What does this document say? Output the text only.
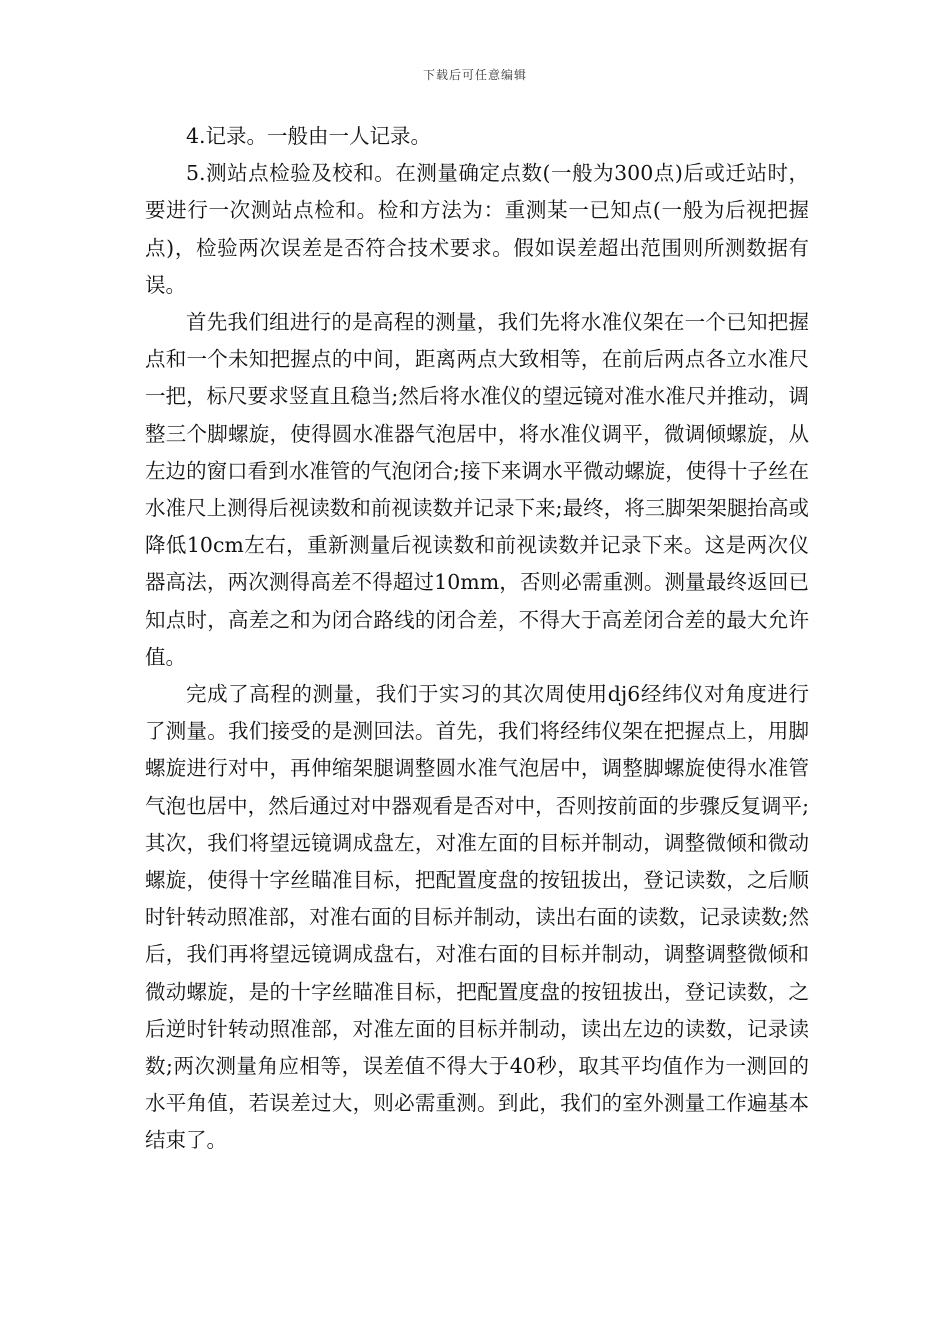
下载后可任意编辑

4.记录。一般由一人记录。

5.测站点检验及校和。在测量确定点数(一般为300点)后或迁站时，要进行一次测站点检和。检和方法为：重测某一已知点(一般为后视把握点)，检验两次误差是否符合技术要求。假如误差超出范围则所测数据有误。

首先我们组进行的是高程的测量，我们先将水准仪架在一个已知把握点和一个未知把握点的中间，距离两点大致相等，在前后两点各立水准尺一把，标尺要求竖直且稳当;然后将水准仪的望远镜对准水准尺并推动，调整三个脚螺旋，使得圆水准器气泡居中，将水准仪调平，微调倾螺旋，从左边的窗口看到水准管的气泡闭合;接下来调水平微动螺旋，使得十子丝在水准尺上测得后视读数和前视读数并记录下来;最终，将三脚架架腿抬高或降低10cm左右，重新测量后视读数和前视读数并记录下来。这是两次仪器高法，两次测得高差不得超过10mm，否则必需重测。测量最终返回已知点时，高差之和为闭合路线的闭合差，不得大于高差闭合差的最大允许值。

完成了高程的测量，我们于实习的其次周使用dj6经纬仪对角度进行了测量。我们接受的是测回法。首先，我们将经纬仪架在把握点上，用脚螺旋进行对中，再伸缩架腿调整圆水准气泡居中，调整脚螺旋使得水准管气泡也居中，然后通过对中器观看是否对中，否则按前面的步骤反复调平;其次，我们将望远镜调成盘左，对准左面的目标并制动，调整微倾和微动螺旋，使得十字丝瞄准目标，把配置度盘的按钮拔出，登记读数，之后顺时针转动照准部，对准右面的目标并制动，读出右面的读数，记录读数;然后，我们再将望远镜调成盘右，对准右面的目标并制动，调整调整微倾和微动螺旋，是的十字丝瞄准目标，把配置度盘的按钮拔出，登记读数，之后逆时针转动照准部，对准左面的目标并制动，读出左边的读数，记录读数;两次测量角应相等，误差值不得大于40秒，取其平均值作为一测回的水平角值，若误差过大，则必需重测。到此，我们的室外测量工作遍基本结束了。
